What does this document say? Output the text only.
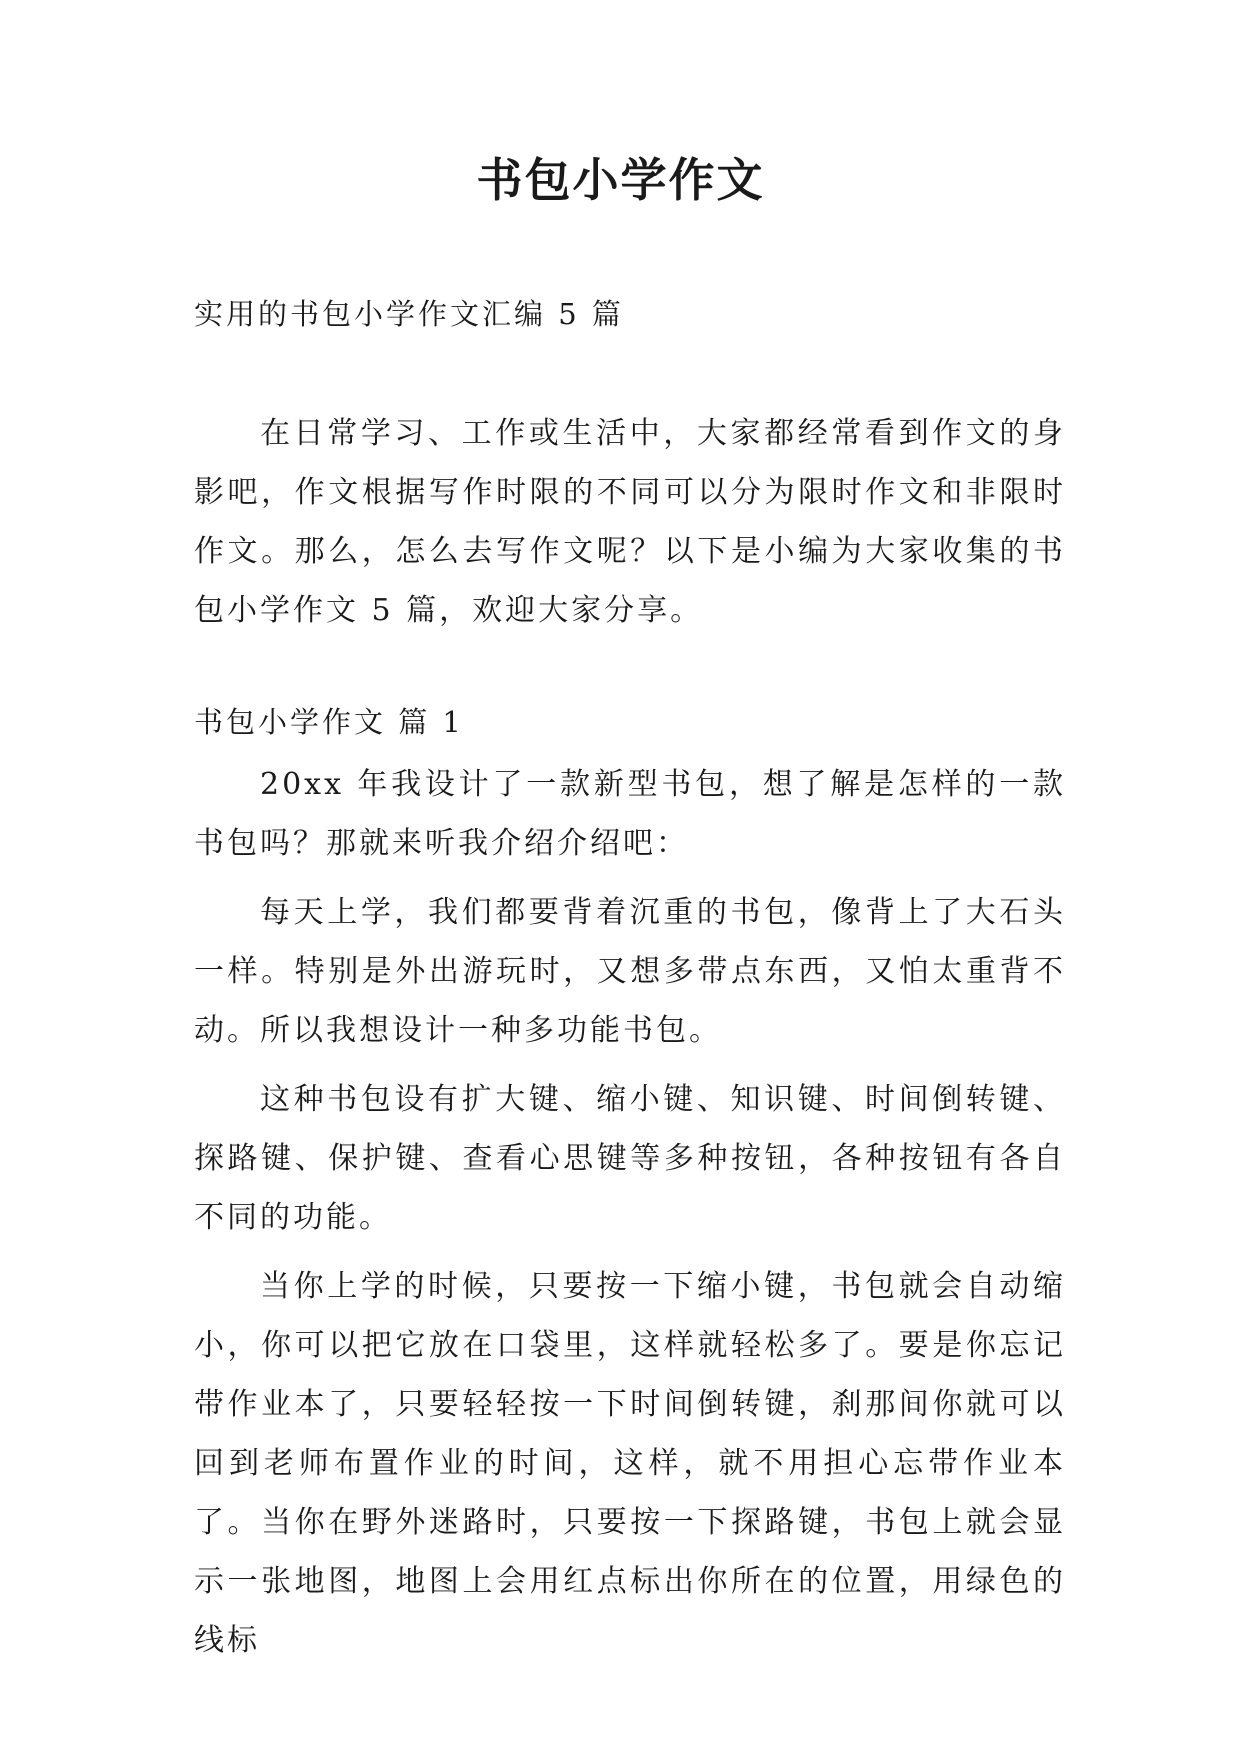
书包小学作文

实用的书包小学作文汇编 5 篇

在日常学习、工作或生活中，大家都经常看到作文的身影吧，作文根据写作时限的不同可以分为限时作文和非限时作文。那么，怎么去写作文呢？以下是小编为大家收集的书包小学作文 5 篇，欢迎大家分享。

书包小学作文 篇 1

20xx 年我设计了一款新型书包，想了解是怎样的一款书包吗？那就来听我介绍介绍吧：

每天上学，我们都要背着沉重的书包，像背上了大石头一样。特别是外出游玩时，又想多带点东西，又怕太重背不动。所以我想设计一种多功能书包。

这种书包设有扩大键、缩小键、知识键、时间倒转键、探路键、保护键、查看心思键等多种按钮，各种按钮有各自不同的功能。

当你上学的时候，只要按一下缩小键，书包就会自动缩小，你可以把它放在口袋里，这样就轻松多了。要是你忘记带作业本了，只要轻轻按一下时间倒转键，刹那间你就可以回到老师布置作业的时间，这样，就不用担心忘带作业本了。当你在野外迷路时，只要按一下探路键，书包上就会显示一张地图，地图上会用红点标出你所在的位置，用绿色的线标
